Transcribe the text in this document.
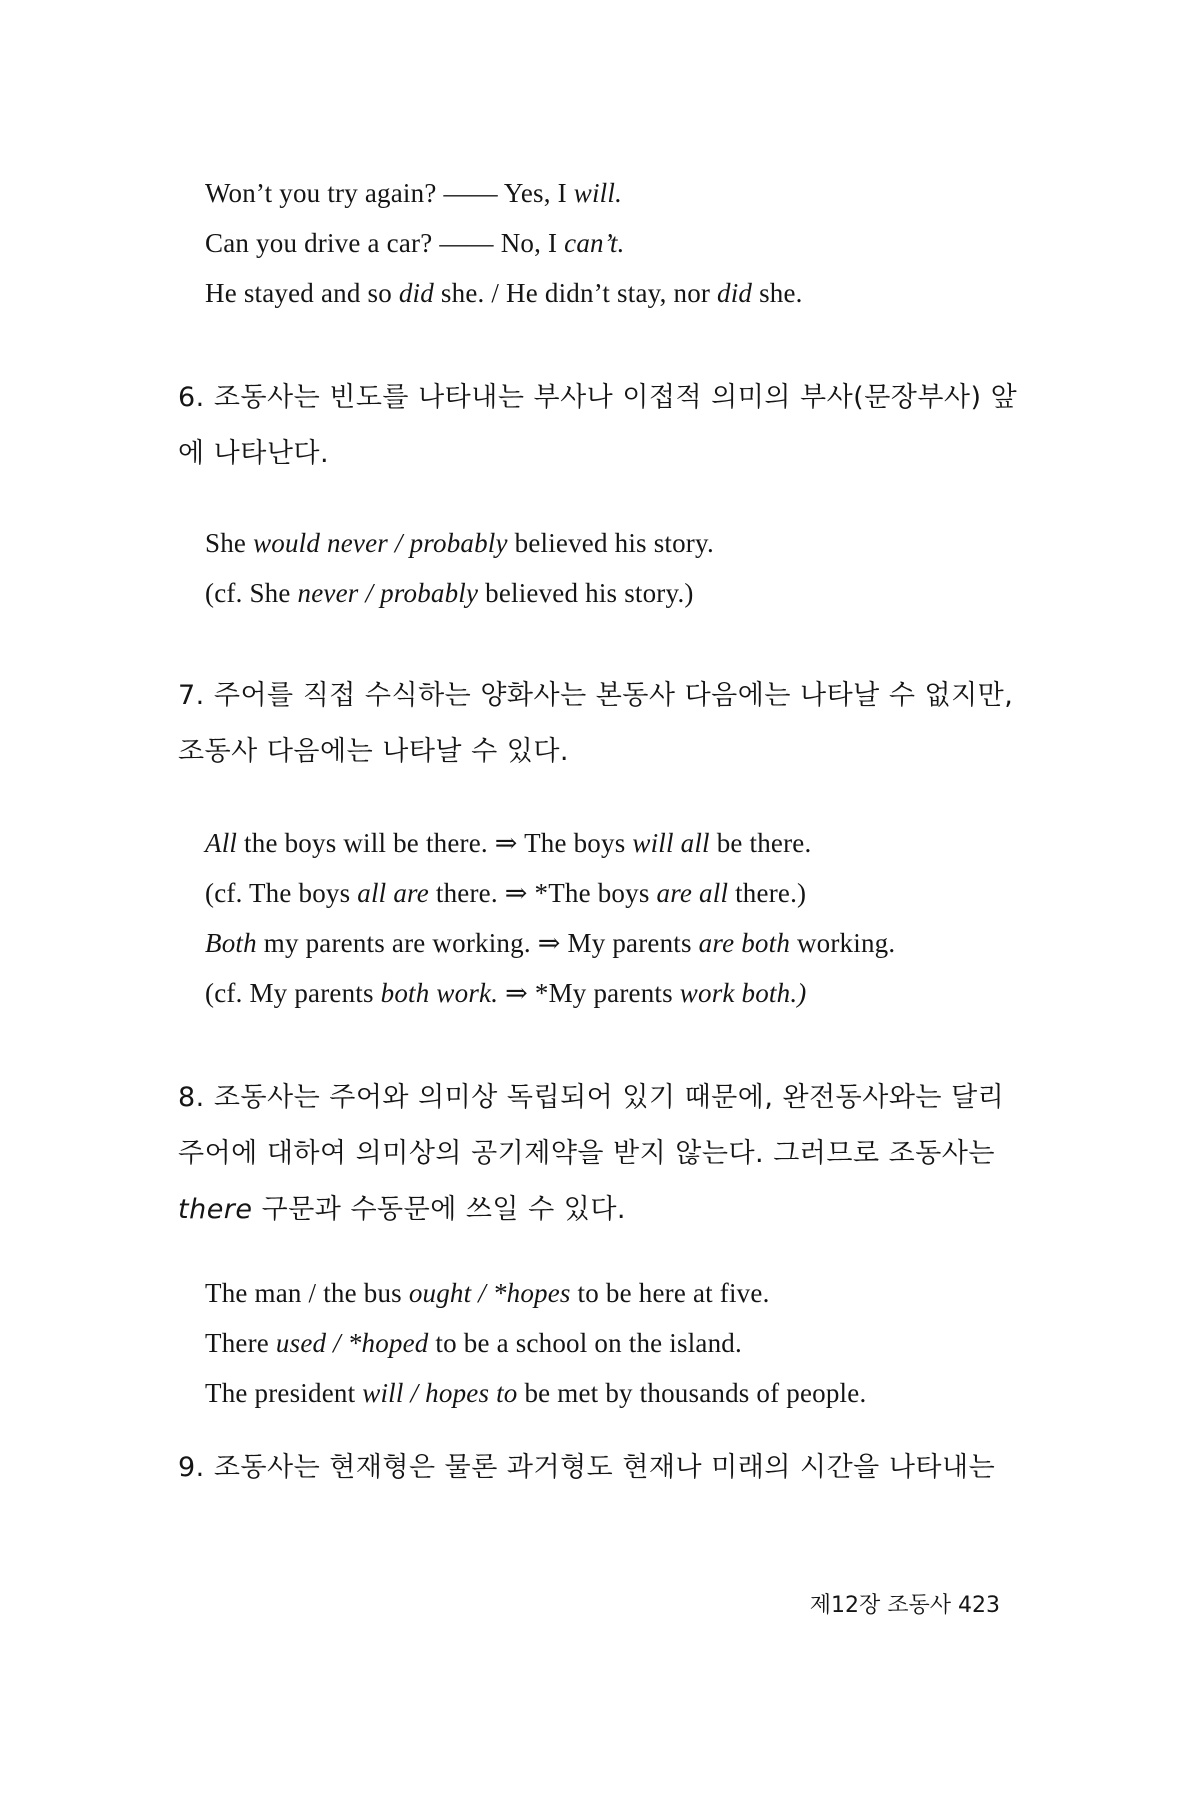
Won’t you try again? —— Yes, I will.
Can you drive a car? —— No, I can’t.
He stayed and so did she. / He didn’t stay, nor did she.
6. 조동사는 빈도를 나타내는 부사나 이접적 의미의 부사(문장부사) 앞에 나타난다.
She would never / probably believed his story.
(cf. She never / probably believed his story.)
7. 주어를 직접 수식하는 양화사는 본동사 다음에는 나타날 수 없지만, 조동사 다음에는 나타날 수 있다.
All the boys will be there. ⇒ The boys will all be there.
(cf. The boys all are there. ⇒ *The boys are all there.)
Both my parents are working. ⇒ My parents are both working.
(cf. My parents both work. ⇒ *My parents work both.)
8. 조동사는 주어와 의미상 독립되어 있기 때문에, 완전동사와는 달리 주어에 대하여 의미상의 공기제약을 받지 않는다. 그러므로 조동사는 there 구문과 수동문에 쓰일 수 있다.
The man / the bus ought / *hopes to be here at five.
There used / *hoped to be a school on the island.
The president will / hopes to be met by thousands of people.
9. 조동사는 현재형은 물론 과거형도 현재나 미래의 시간을 나타내는
제12장 조동사 423
